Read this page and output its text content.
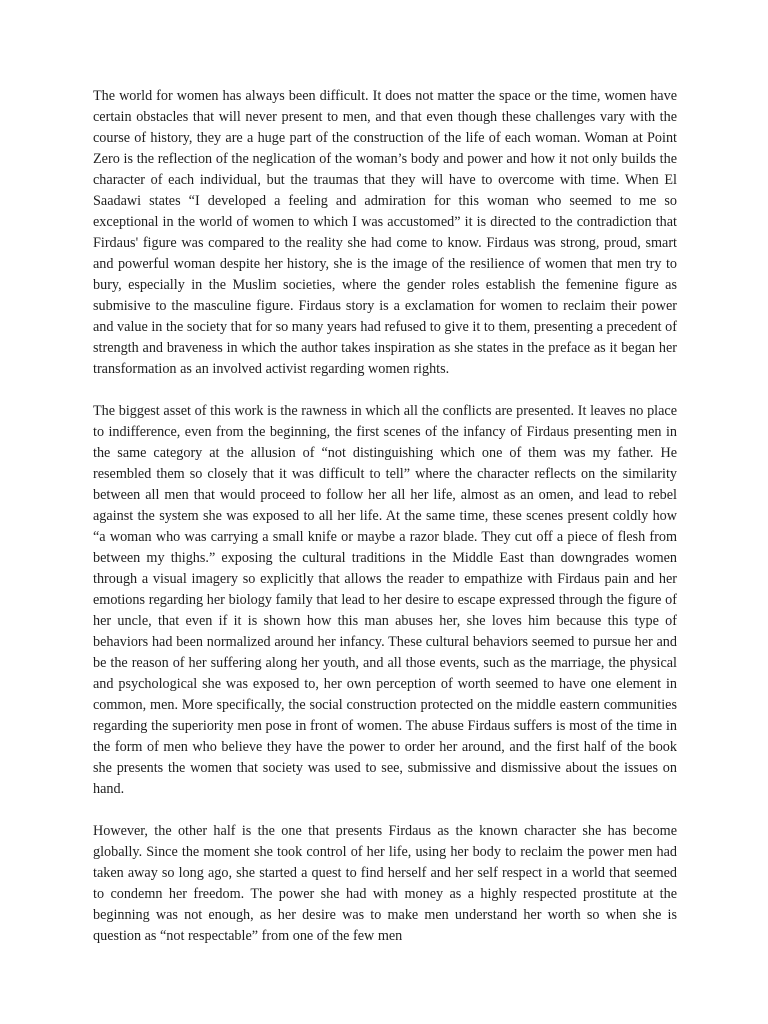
The world for women has always been difficult. It does not matter the space or the time, women have certain obstacles that will never present to men, and that even though these challenges vary with the course of history, they are a huge part of the construction of the life of each woman. Woman at Point Zero is the reflection of the neglication of the woman’s body and power and how it not only builds the character of each individual, but the traumas that they will have to overcome with time. When El Saadawi states “I developed a feeling and admiration for this woman who seemed to me so exceptional in the world of women to which I was accustomed” it is directed to the contradiction that Firdaus' figure was compared to the reality she had come to know. Firdaus was strong, proud, smart and powerful woman despite her history, she is the image of the resilience of women that men try to bury, especially in the Muslim societies, where the gender roles establish the femenine figure as submisive to the masculine figure. Firdaus story is a exclamation for women to reclaim their power and value in the society that for so many years had refused to give it to them, presenting a precedent of strength and braveness in which the author takes inspiration as she states in the preface as it began her transformation as an involved activist regarding women rights.

The biggest asset of this work is the rawness in which all the conflicts are presented. It leaves no place to indifference, even from the beginning, the first scenes of the infancy of Firdaus presenting men in the same category at the allusion of “not distinguishing which one of them was my father. He resembled them so closely that it was difficult to tell” where the character reflects on the similarity between all men that would proceed to follow her all her life, almost as an omen, and lead to rebel against the system she was exposed to all her life. At the same time, these scenes present coldly how “a woman who was carrying a small knife or maybe a razor blade. They cut off a piece of flesh from between my thighs.” exposing the cultural traditions in the Middle East than downgrades women through a visual imagery so explicitly that allows the reader to empathize with Firdaus pain and her emotions regarding her biology family that lead to her desire to escape expressed through the figure of her uncle, that even if it is shown how this man abuses her, she loves him because this type of behaviors had been normalized around her infancy. These cultural behaviors seemed to pursue her and be the reason of her suffering along her youth, and all those events, such as the marriage, the physical and psychological she was exposed to, her own perception of worth seemed to have one element in common, men. More specifically, the social construction protected on the middle eastern communities regarding the superiority men pose in front of women. The abuse Firdaus suffers is most of the time in the form of men who believe they have the power to order her around, and the first half of the book she presents the women that society was used to see, submissive and dismissive about the issues on hand.

However, the other half is the one that presents Firdaus as the known character she has become globally. Since the moment she took control of her life, using her body to reclaim the power men had taken away so long ago, she started a quest to find herself and her self respect in a world that seemed to condemn her freedom. The power she had with money as a highly respected prostitute at the beginning was not enough, as her desire was to make men understand her worth so when she is question as “not respectable” from one of the few men
